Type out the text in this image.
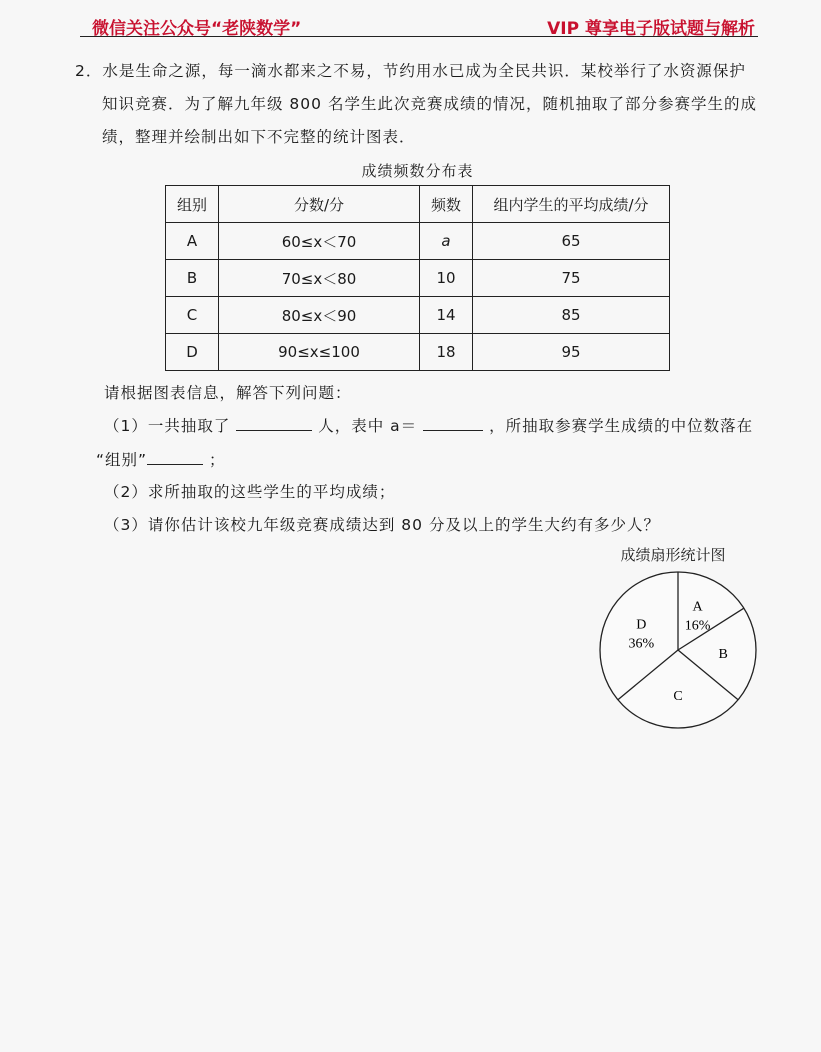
微信关注公众号“老陕数学”	VIP 尊享电子版试题与解析
2．水是生命之源，每一滴水都来之不易，节约用水已成为全民共识．某校举行了水资源保护
知识竞赛．为了解九年级 800 名学生此次竞赛成绩的情况，随机抽取了部分参赛学生的成
绩，整理并绘制出如下不完整的统计图表．
成绩频数分布表
组别	分数/分	频数	组内学生的平均成绩/分
A	60≤x＜70	a	65
B	70≤x＜80	10	75
C	80≤x＜90	14	85
D	90≤x≤100	18	95
请根据图表信息，解答下列问题：
（1）一共抽取了	人，表中 a＝	，所抽取参赛学生成绩的中位数落在
“组别”	；
（2）求所抽取的这些学生的平均成绩；
（3）请你估计该校九年级竞赛成绩达到 80 分及以上的学生大约有多少人？
成绩扇形统计图
A
16%
B
C
D
36%
